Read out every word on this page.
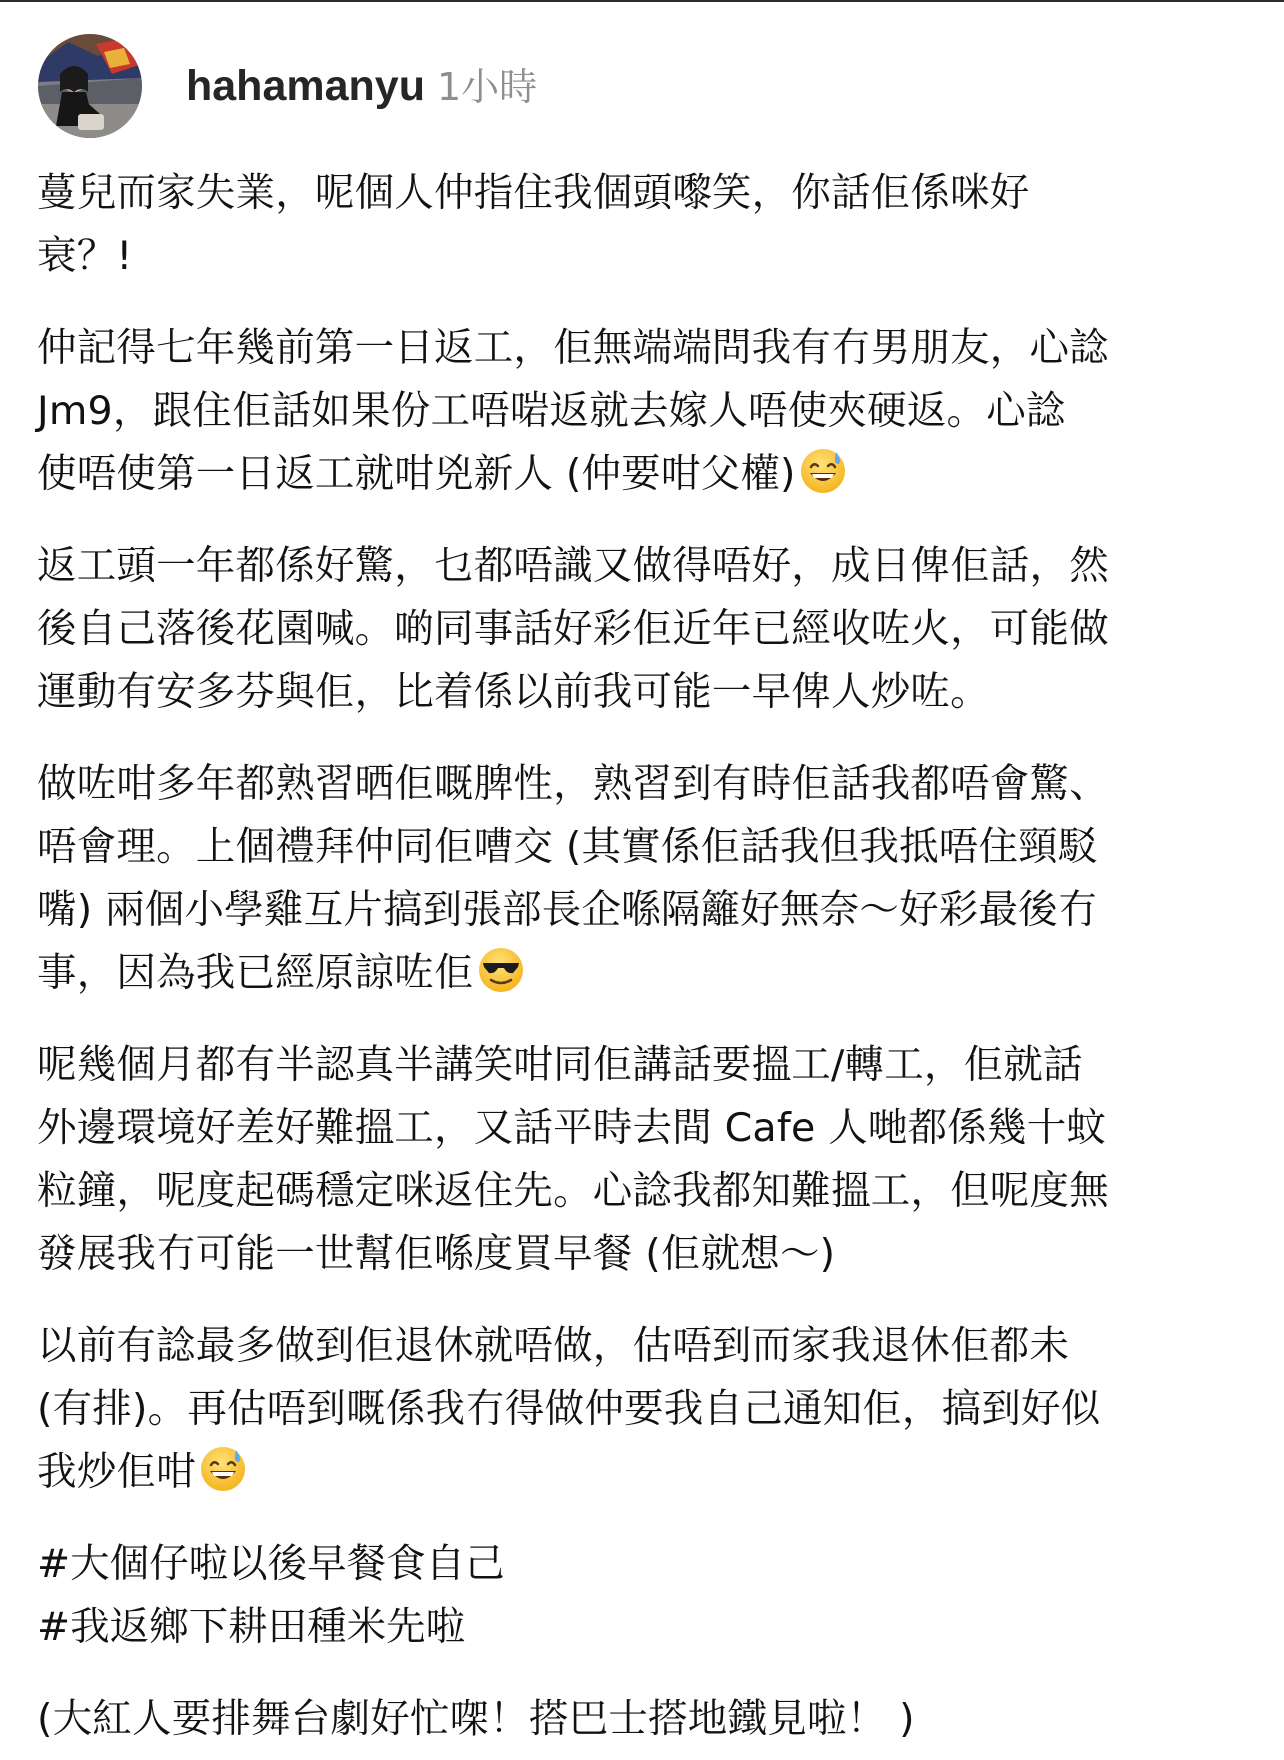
hahamanyu 1小時

蔓兒而家失業，呢個人仲指住我個頭嚟笑，你話佢係咪好
衰？!

仲記得七年幾前第一日返工，佢無端端問我有冇男朋友，心諗
Jm9，跟住佢話如果份工唔啱返就去嫁人唔使夾硬返。心諗
使唔使第一日返工就咁兇新人 (仲要咁父權)

返工頭一年都係好驚，乜都唔識又做得唔好，成日俾佢話，然
後自己落後花園喊。啲同事話好彩佢近年已經收咗火，可能做
運動有安多芬與佢，比着係以前我可能一早俾人炒咗。

做咗咁多年都熟習晒佢嘅脾性，熟習到有時佢話我都唔會驚、
唔會理。上個禮拜仲同佢嘈交 (其實係佢話我但我抵唔住頸駁
嘴) 兩個小學雞互片搞到張部長企喺隔籬好無奈～好彩最後冇
事，因為我已經原諒咗佢

呢幾個月都有半認真半講笑咁同佢講話要搵工/轉工，佢就話
外邊環境好差好難搵工，又話平時去間 Cafe 人哋都係幾十蚊
粒鐘，呢度起碼穩定咪返住先。心諗我都知難搵工，但呢度無
發展我冇可能一世幫佢喺度買早餐 (佢就想～)

以前有諗最多做到佢退休就唔做，估唔到而家我退休佢都未
(有排)。再估唔到嘅係我冇得做仲要我自己通知佢，搞到好似
我炒佢咁

#大個仔啦以後早餐食自己
#我返鄉下耕田種米先啦

(大紅人要排舞台劇好忙㗎！搭巴士搭地鐵見啦！ )
